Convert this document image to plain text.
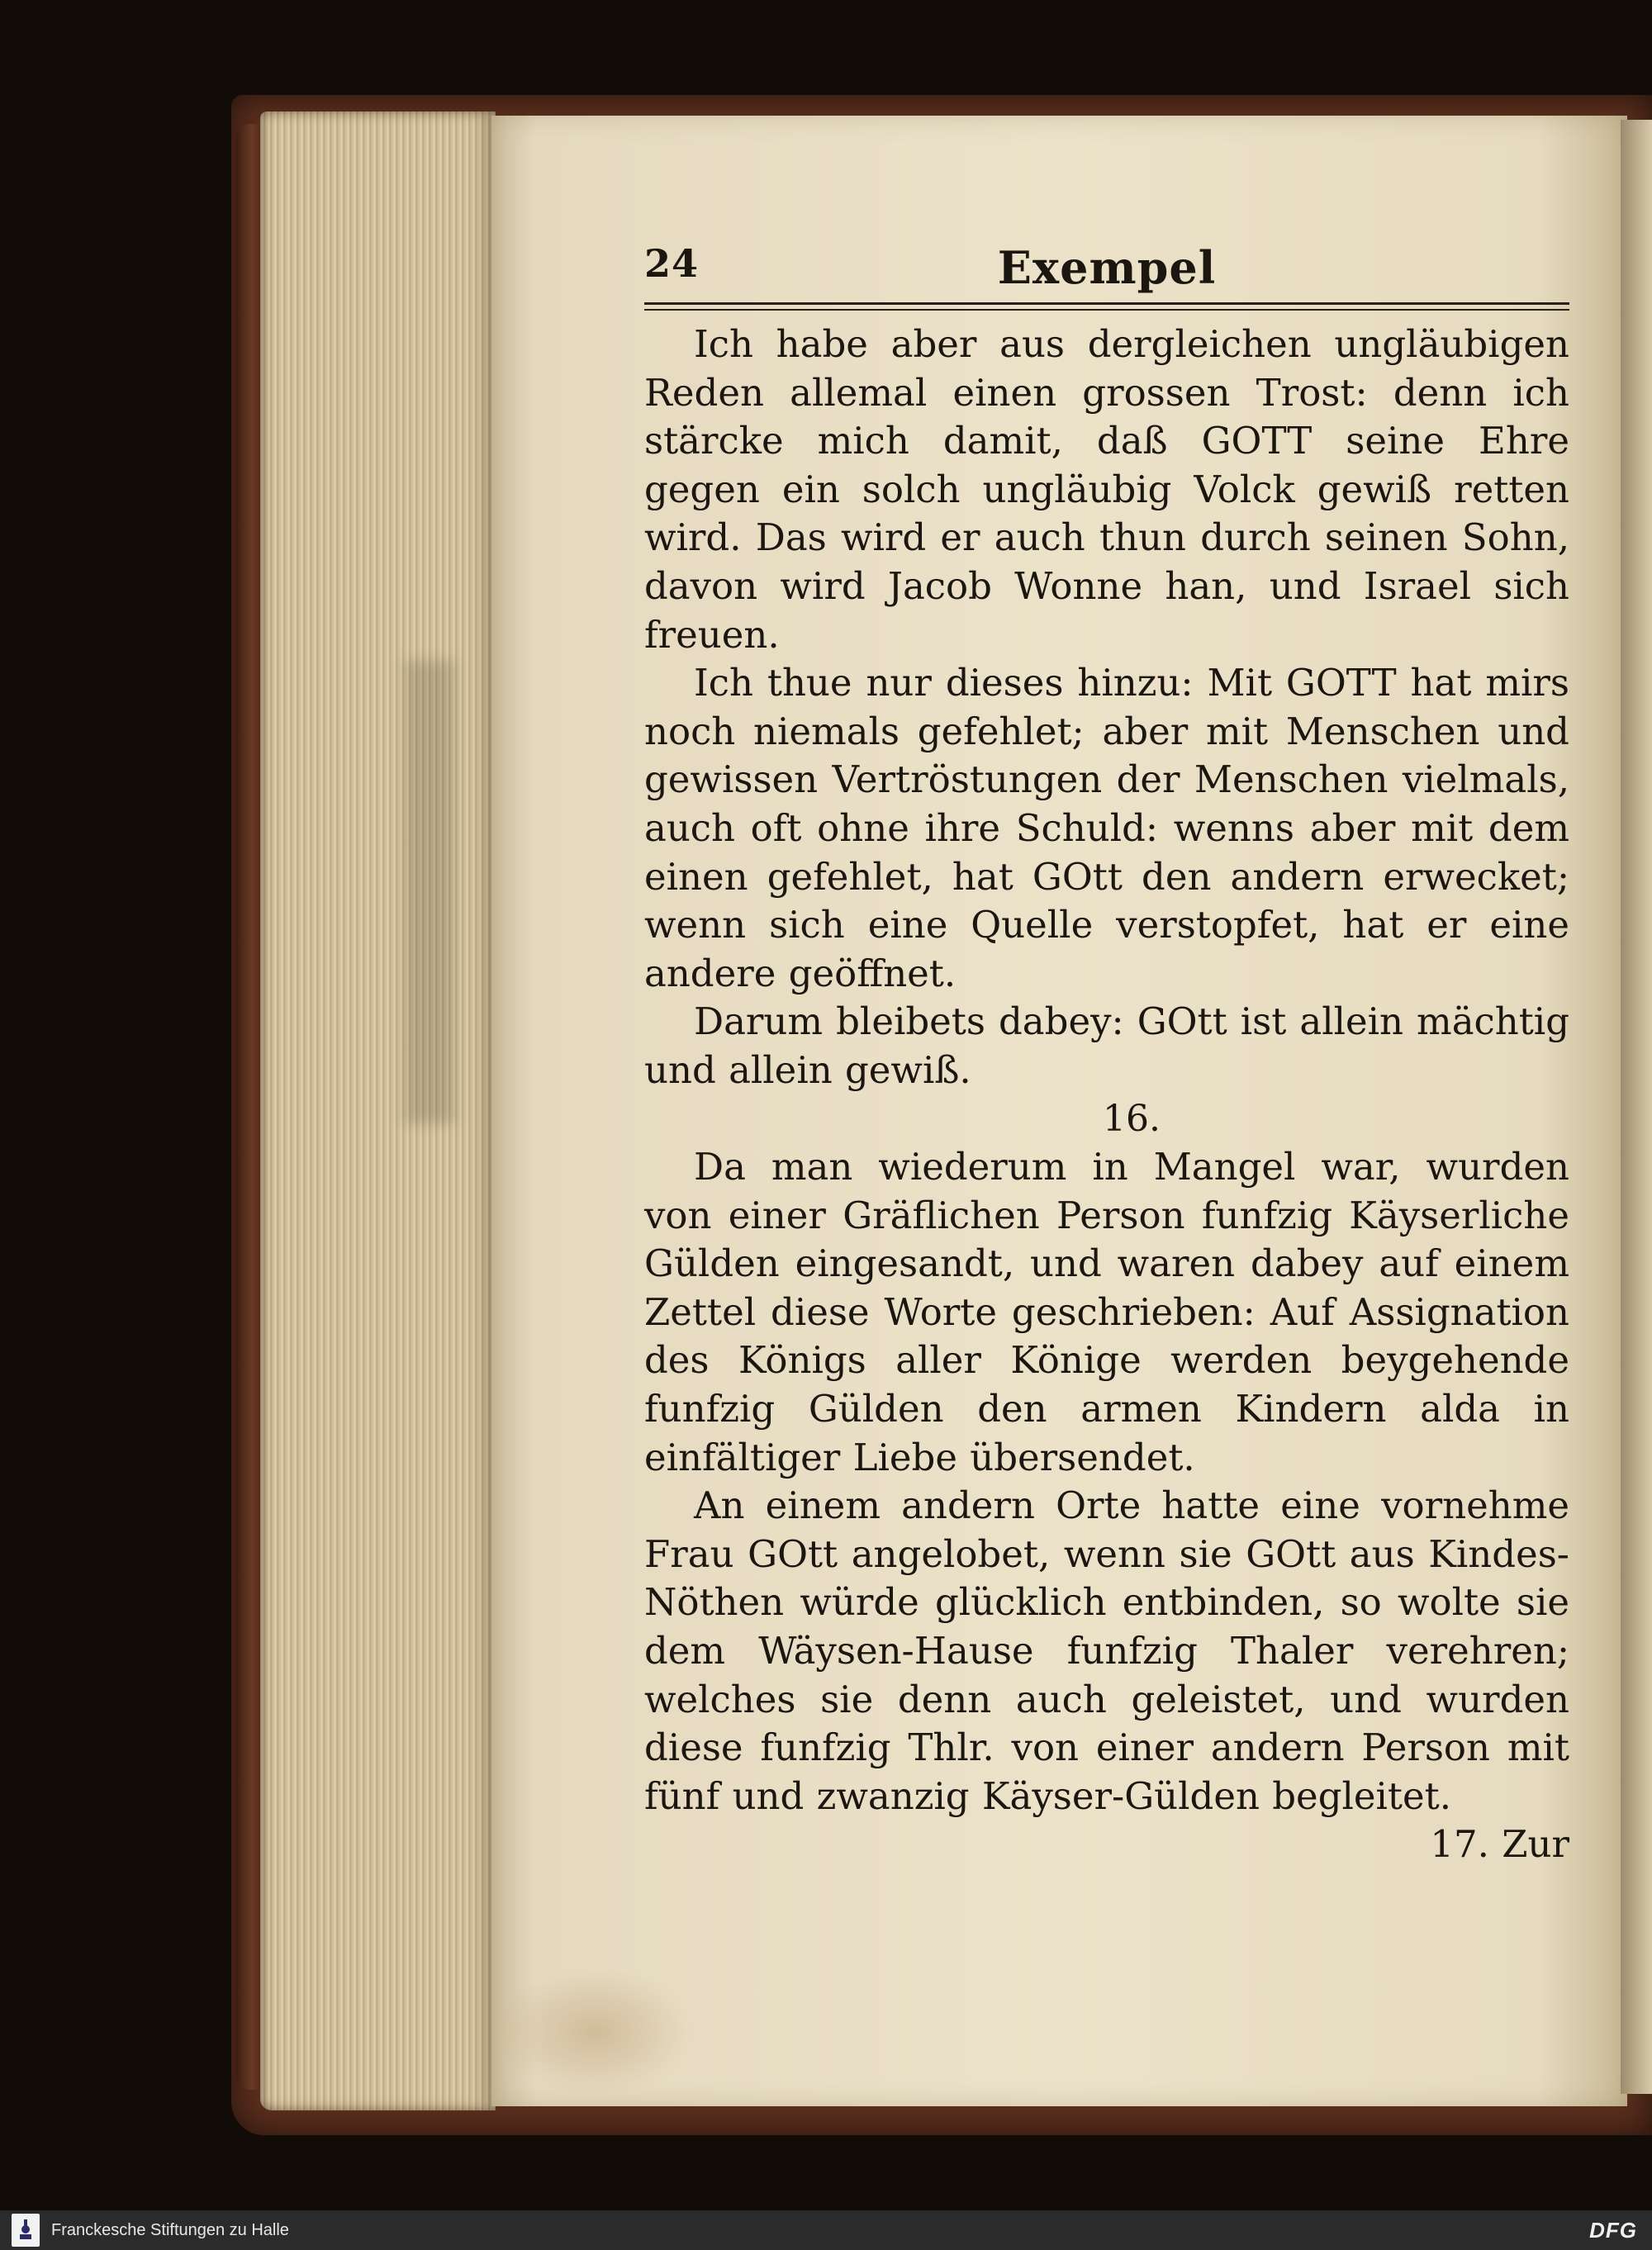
24	Exempel

Ich habe aber aus dergleichen ungläubigen Reden allemal einen grossen Trost: denn ich stärcke mich damit, daß GOTT seine Ehre gegen ein solch ungläubig Volck gewiß retten wird. Das wird er auch thun durch seinen Sohn, davon wird Jacob Wonne han, und Israel sich freuen.

Ich thue nur dieses hinzu: Mit GOTT hat mirs noch niemals gefehlet; aber mit Menschen und gewissen Vertröstungen der Menschen vielmals, auch oft ohne ihre Schuld: wenns aber mit dem einen gefehlet, hat GOtt den andern erwecket; wenn sich eine Quelle verstopfet, hat er eine andere geöffnet.

Darum bleibets dabey: GOtt ist allein mächtig und allein gewiß.

16.

Da man wiederum in Mangel war, wurden von einer Gräflichen Person funfzig Käyserliche Gülden eingesandt, und waren dabey auf einem Zettel diese Worte geschrieben: Auf Assignation des Königs aller Könige werden beygehende funfzig Gülden den armen Kindern alda in einfältiger Liebe übersendet.

An einem andern Orte hatte eine vornehme Frau GOtt angelobet, wenn sie GOtt aus Kindes-Nöthen würde glücklich entbinden, so wolte sie dem Wäysen-Hause funfzig Thaler verehren; welches sie denn auch geleistet, und wurden diese funfzig Thlr. von einer andern Person mit fünf und zwanzig Käyser-Gülden begleitet.

17. Zur
Franckesche Stiftungen zu Halle	DFG
